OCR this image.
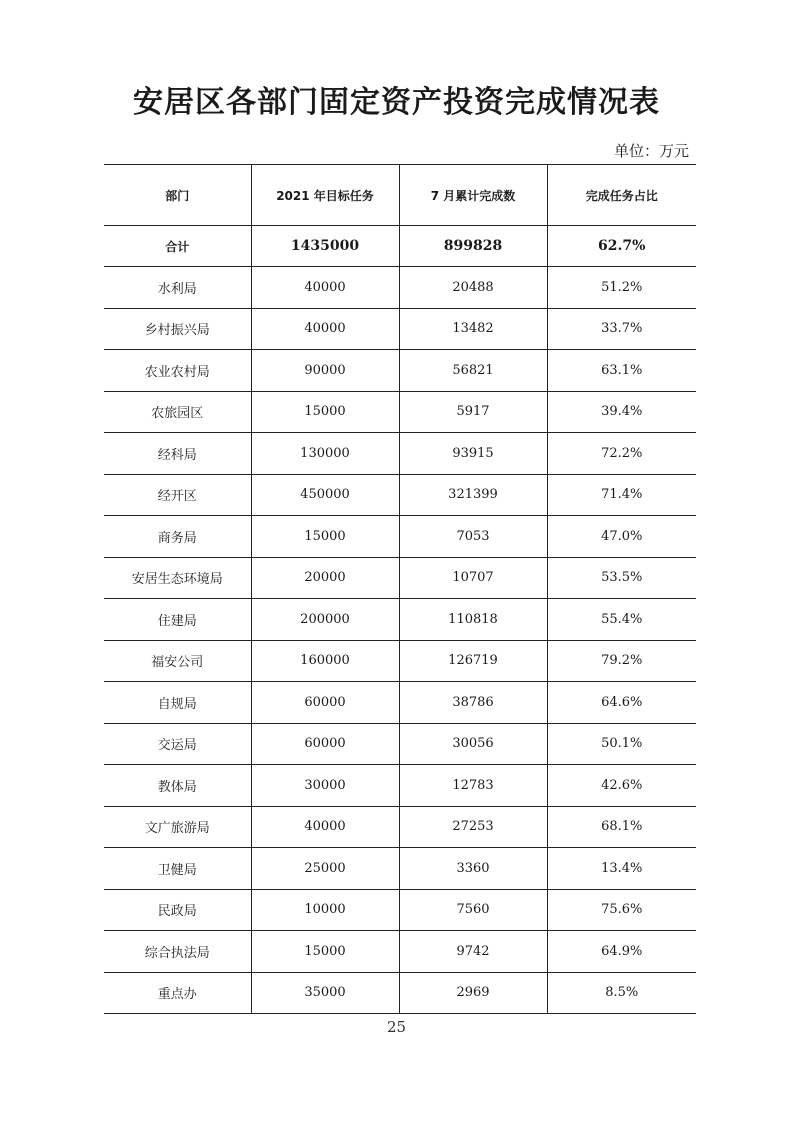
安居区各部门固定资产投资完成情况表
单位：万元
部门	2021 年目标任务	7 月累计完成数	完成任务占比
合计	1435000	899828	62.7%
水利局	40000	20488	51.2%
乡村振兴局	40000	13482	33.7%
农业农村局	90000	56821	63.1%
农旅园区	15000	5917	39.4%
经科局	130000	93915	72.2%
经开区	450000	321399	71.4%
商务局	15000	7053	47.0%
安居生态环境局	20000	10707	53.5%
住建局	200000	110818	55.4%
福安公司	160000	126719	79.2%
自规局	60000	38786	64.6%
交运局	60000	30056	50.1%
教体局	30000	12783	42.6%
文广旅游局	40000	27253	68.1%
卫健局	25000	3360	13.4%
民政局	10000	7560	75.6%
综合执法局	15000	9742	64.9%
重点办	35000	2969	8.5%
25
